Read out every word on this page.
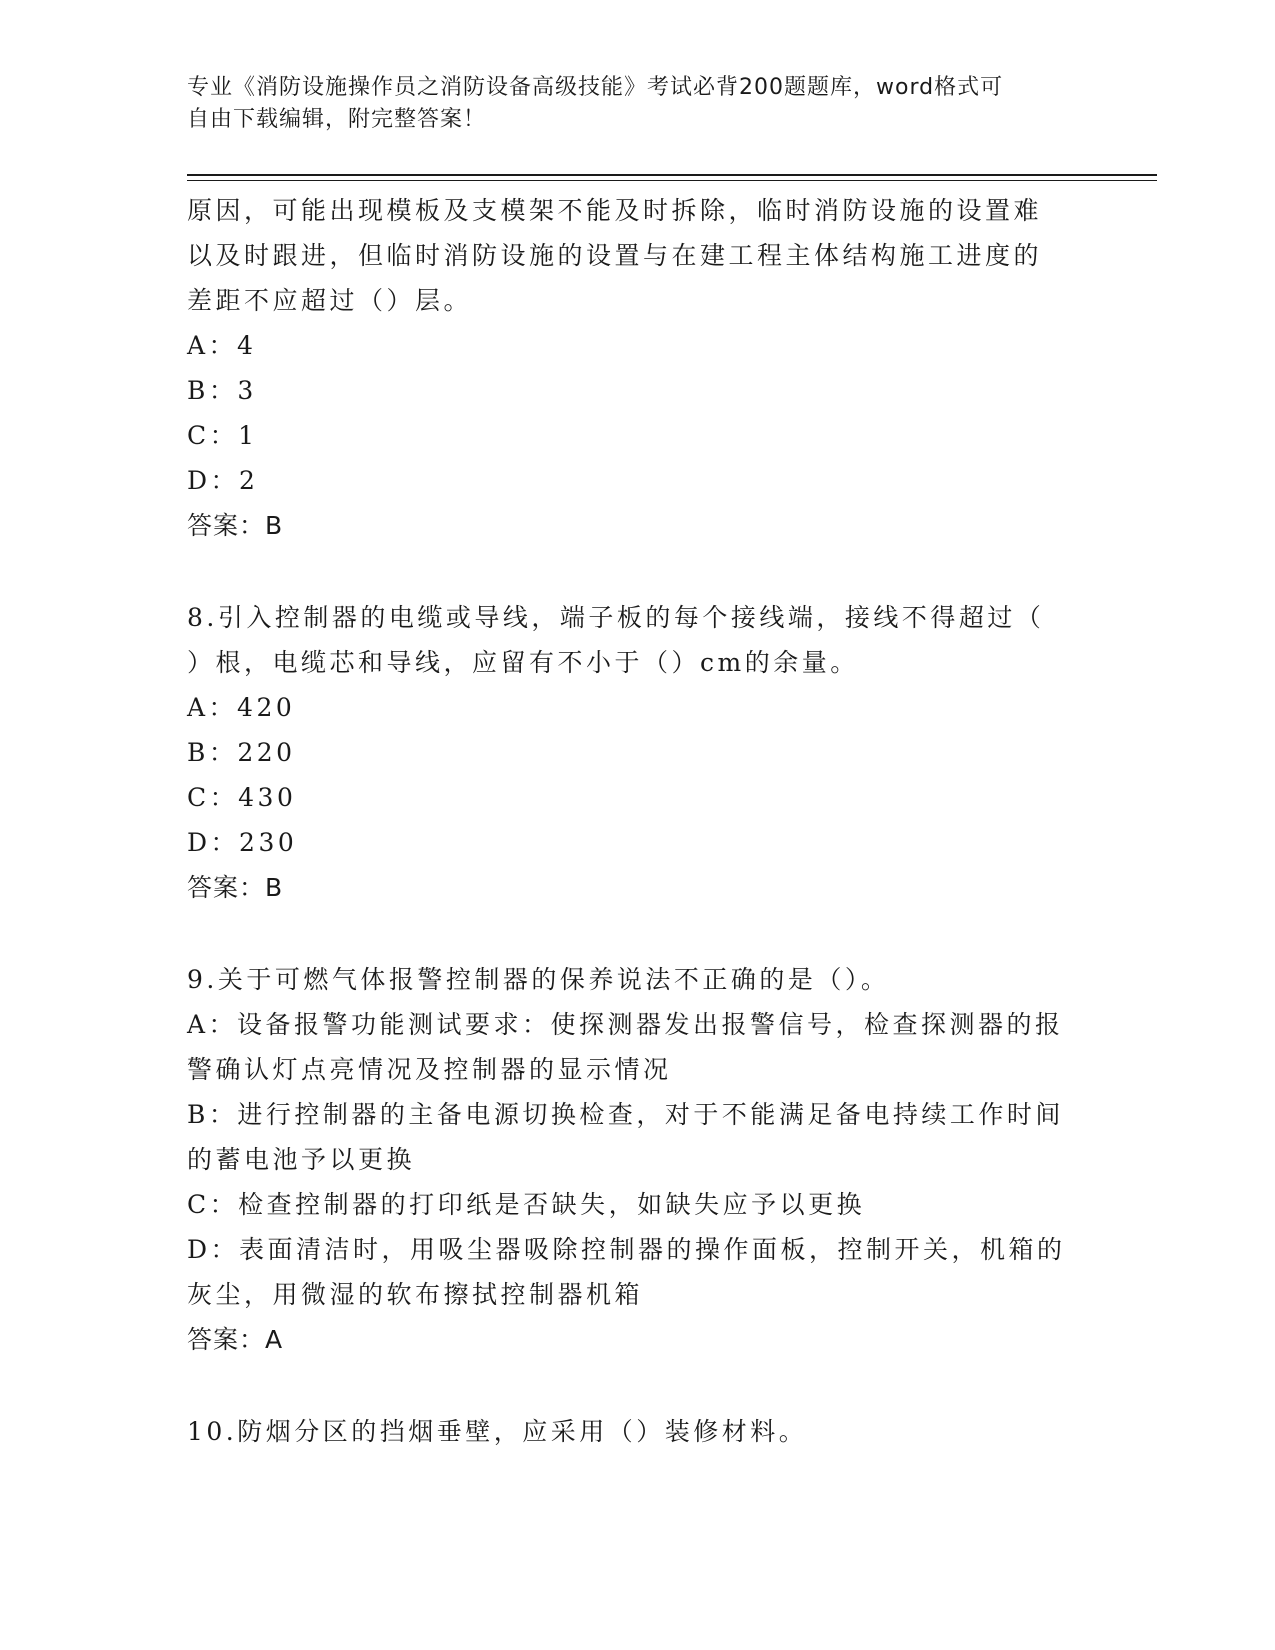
专业《消防设施操作员之消防设备高级技能》考试必背200题题库，word格式可
自由下载编辑，附完整答案！
原因，可能出现模板及支模架不能及时拆除，临时消防设施的设置难
以及时跟进，但临时消防设施的设置与在建工程主体结构施工进度的
差距不应超过（）层。
A：4
B：3
C：1
D：2
答案：B
8.引入控制器的电缆或导线，端子板的每个接线端，接线不得超过（
）根，电缆芯和导线，应留有不小于（）cm的余量。
A：420
B：220
C：430
D：230
答案：B
9.关于可燃气体报警控制器的保养说法不正确的是（）。
A：设备报警功能测试要求：使探测器发出报警信号，检查探测器的报
警确认灯点亮情况及控制器的显示情况
B：进行控制器的主备电源切换检查，对于不能满足备电持续工作时间
的蓄电池予以更换
C：检查控制器的打印纸是否缺失，如缺失应予以更换
D：表面清洁时，用吸尘器吸除控制器的操作面板，控制开关，机箱的
灰尘，用微湿的软布擦拭控制器机箱
答案：A
10.防烟分区的挡烟垂壁，应采用（）装修材料。
